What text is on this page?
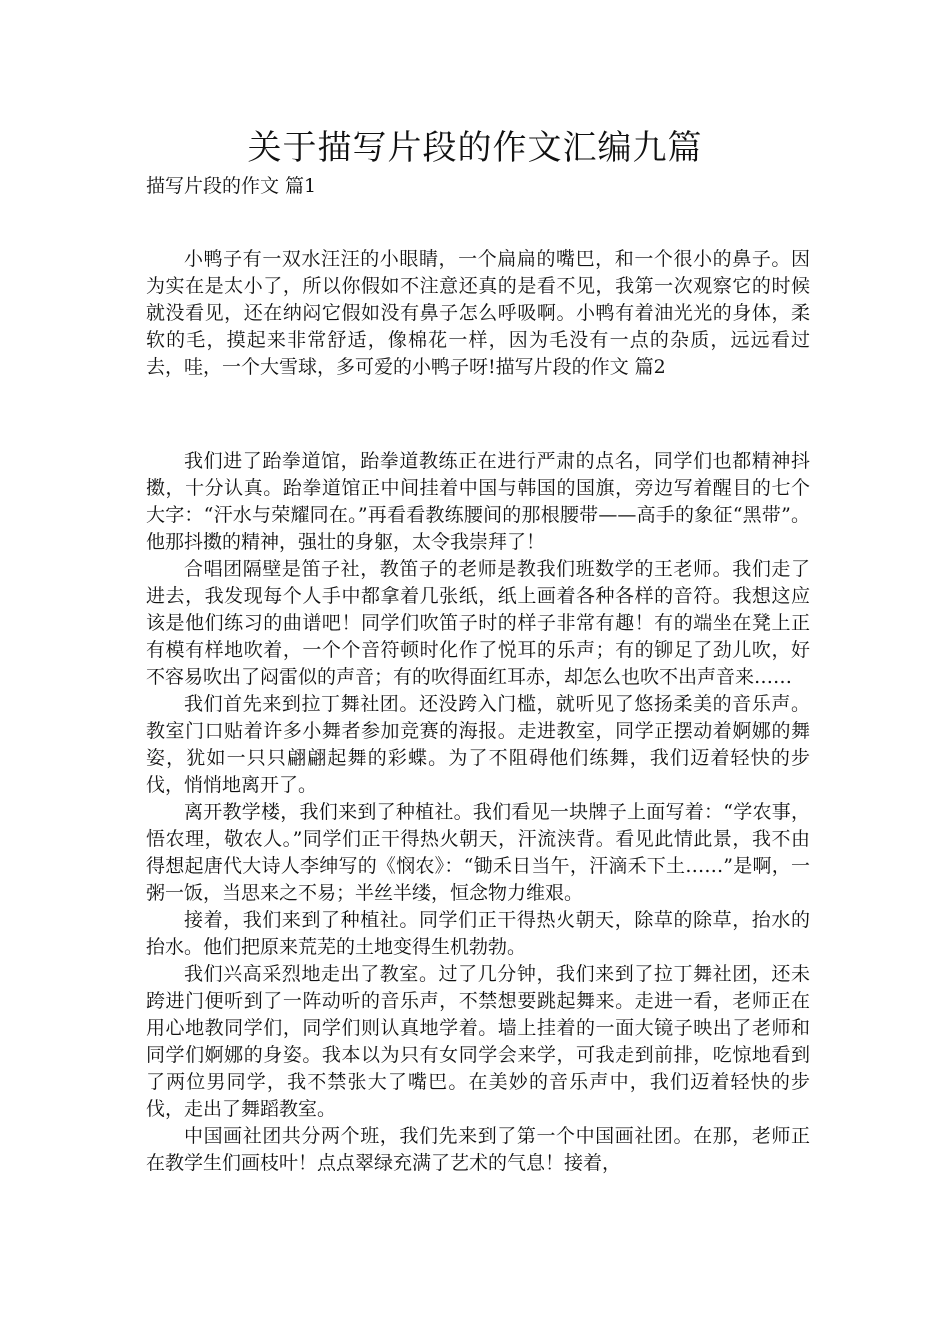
关于描写片段的作文汇编九篇
描写片段的作文 篇1

小鸭子有一双水汪汪的小眼睛，一个扁扁的嘴巴，和一个很小的鼻子。因为实在是太小了，所以你假如不注意还真的是看不见，我第一次观察它的时候就没看见，还在纳闷它假如没有鼻子怎么呼吸啊。小鸭有着油光光的身体，柔软的毛，摸起来非常舒适，像棉花一样，因为毛没有一点的杂质，远远看过去，哇，一个大雪球，多可爱的小鸭子呀!描写片段的作文 篇2

我们进了跆拳道馆，跆拳道教练正在进行严肃的点名，同学们也都精神抖擞，十分认真。跆拳道馆正中间挂着中国与韩国的国旗，旁边写着醒目的七个大字：“汗水与荣耀同在。”再看看教练腰间的那根腰带——高手的象征“黑带”。他那抖擞的精神，强壮的身躯，太令我崇拜了！

合唱团隔壁是笛子社，教笛子的老师是教我们班数学的王老师。我们走了进去，我发现每个人手中都拿着几张纸，纸上画着各种各样的音符。我想这应该是他们练习的曲谱吧！同学们吹笛子时的样子非常有趣！有的端坐在凳上正有模有样地吹着，一个个音符顿时化作了悦耳的乐声；有的铆足了劲儿吹，好不容易吹出了闷雷似的声音；有的吹得面红耳赤，却怎么也吹不出声音来……

我们首先来到拉丁舞社团。还没跨入门槛，就听见了悠扬柔美的音乐声。教室门口贴着许多小舞者参加竞赛的海报。走进教室，同学正摆动着婀娜的舞姿，犹如一只只翩翩起舞的彩蝶。为了不阻碍他们练舞，我们迈着轻快的步伐，悄悄地离开了。

离开教学楼，我们来到了种植社。我们看见一块牌子上面写着：“学农事，悟农理，敬农人。”同学们正干得热火朝天，汗流浃背。看见此情此景，我不由得想起唐代大诗人李绅写的《悯农》：“锄禾日当午，汗滴禾下土……”是啊，一粥一饭，当思来之不易；半丝半缕，恒念物力维艰。

接着，我们来到了种植社。同学们正干得热火朝天，除草的除草，抬水的抬水。他们把原来荒芜的土地变得生机勃勃。

我们兴高采烈地走出了教室。过了几分钟，我们来到了拉丁舞社团，还未跨进门便听到了一阵动听的音乐声，不禁想要跳起舞来。走进一看，老师正在用心地教同学们，同学们则认真地学着。墙上挂着的一面大镜子映出了老师和同学们婀娜的身姿。我本以为只有女同学会来学，可我走到前排，吃惊地看到了两位男同学，我不禁张大了嘴巴。在美妙的音乐声中，我们迈着轻快的步伐，走出了舞蹈教室。

中国画社团共分两个班，我们先来到了第一个中国画社团。在那，老师正在教学生们画枝叶！点点翠绿充满了艺术的气息！接着，
